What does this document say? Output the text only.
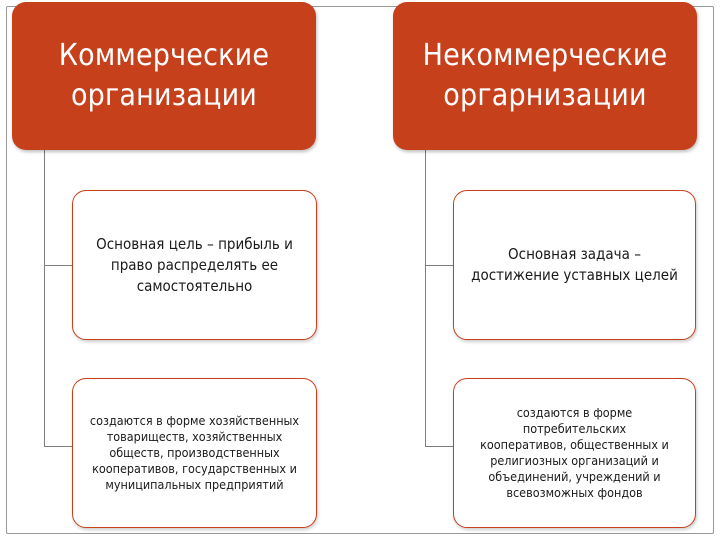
Коммерческие
организации
Некоммерческие
оргарнизации
Основная цель – прибыль и
право распределять ее
самостоятельно
Основная задача –
достижение уставных целей
создаются в форме хозяйственных
товариществ, хозяйственных
обществ, производственных
кооперативов, государственных и
муниципальных предприятий
создаются в форме потребительских
кооперативов, общественных и
религиозных организаций и
объединений, учреждений и
всевозможных фондов
